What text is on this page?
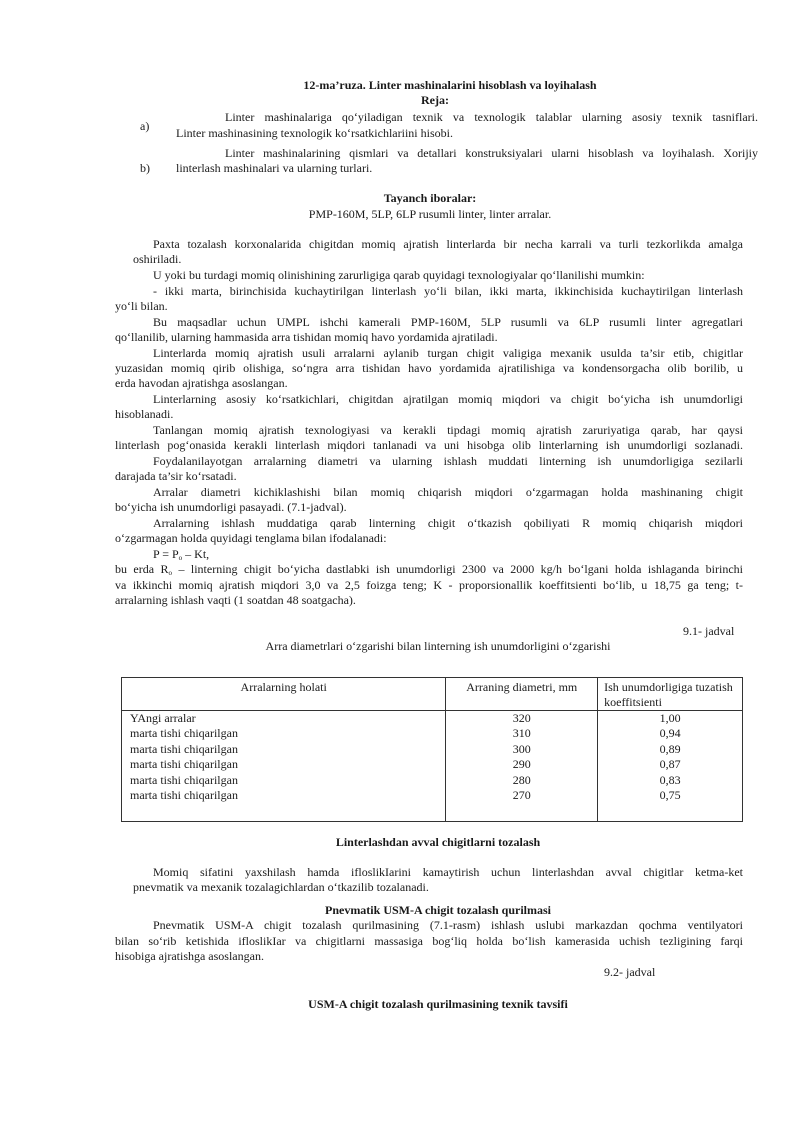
12-ma’ruza. Linter mashinalarini hisoblash va loyihalash
Reja:
a)
Linter mashinalariga qo‘yiladigan texnik va texnologik talablar ularning asosiy texnik tasniflari.
Linter mashinasining texnologik ko‘rsatkichlariini hisobi.
Linter mashinalarining qismlari va detallari konstruksiyalari ularni hisoblash va loyihalash. Xorijiy
b) linterlash mashinalari va ularning turlari.
Tayanch iboralar:
PMP-160M, 5LP, 6LP rusumli linter, linter arralar.
Paxta tozalash korxonalarida chigitdan momiq ajratish linterlarda bir necha karrali va turli tezkorlikda amalga
oshiriladi.
U yoki bu turdagi momiq olinishining zarurligiga qarab quyidagi texnologiyalar qo‘llanilishi mumkin:
- ikki marta, birinchisida kuchaytirilgan linterlash yo‘li bilan, ikki marta, ikkinchisida kuchaytirilgan linterlash
yo‘li bilan.
Bu maqsadlar uchun UMPL ishchi kamerali PMP-160M, 5LP rusumli va 6LP rusumli linter agregatlari
qo‘llanilib, ularning hammasida arra tishidan momiq havo yordamida ajratiladi.
Linterlarda momiq ajratish usuli arralarni aylanib turgan chigit valigiga mexanik usulda ta’sir etib, chigitlar
yuzasidan momiq qirib olishiga, so‘ngra arra tishidan havo yordamida ajratilishiga va kondensorgacha olib borilib, u
erda havodan ajratishga asoslangan.
Linterlarning asosiy ko‘rsatkichlari, chigitdan ajratilgan momiq miqdori va chigit bo‘yicha ish unumdorligi
hisoblanadi.
Tanlangan momiq ajratish texnologiyasi va kerakli tipdagi momiq ajratish zaruriyatiga qarab, har qaysi
linterlash pog‘onasida kerakli linterlash miqdori tanlanadi va uni hisobga olib linterlarning ish unumdorligi sozlanadi.
Foydalanilayotgan arralarning diametri va ularning ishlash muddati linterning ish unumdorligiga sezilarli
darajada ta’sir ko‘rsatadi.
Arralar diametri kichiklashishi bilan momiq chiqarish miqdori o‘zgarmagan holda mashinaning chigit
bo‘yicha ish unumdorligi pasayadi. (7.1-jadval).
Arralarning ishlash muddatiga qarab linterning chigit o‘tkazish qobiliyati R momiq chiqarish miqdori
o‘zgarmagan holda quyidagi tenglama bilan ifodalanadi:
$P = P_o - Kt$,
bu erda $R_o$ – linterning chigit bo‘yicha dastlabki ish unumdorligi 2300 va 2000 kg/h bo‘lgani holda ishlaganda birinchi
va ikkinchi momiq ajratish miqdori 3,0 va 2,5 foizga teng; K - proporsionallik koeffitsienti bo‘lib, u 18,75 ga teng; t-
arralarning ishlash vaqti (1 soatdan 48 soatgacha).
9.1- jadval
Arra diametrlari o‘zgarishi bilan linterning ish unumdorligini o‘zgarishi
Arralarning holati	Arraning diametri, mm	Ish unumdorligiga tuzatish koeffitsienti
YAngi arralar	320	1,00
marta tishi chiqarilgan	310	0,94
marta tishi chiqarilgan	300	0,89
marta tishi chiqarilgan	290	0,87
marta tishi chiqarilgan	280	0,83
marta tishi chiqarilgan	270	0,75
Linterlashdan avval chigitlarni tozalash
Momiq sifatini yaxshilash hamda ifloslikIarini kamaytirish uchun linterlashdan avval chigitlar ketma-ket
pnevmatik va mexanik tozalagichlardan o‘tkazilib tozalanadi.
Pnevmatik USM-A chigit tozalash qurilmasi
Pnevmatik USM-A chigit tozalash qurilmasining (7.1-rasm) ishlash uslubi markazdan qochma ventilyatori
bilan so‘rib ketishida ifloslikIar va chigitlarni massasiga bog‘liq holda bo‘lish kamerasida uchish tezligining farqi
hisobiga ajratishga asoslangan.
9.2- jadval
USM-A chigit tozalash qurilmasining texnik tavsifi
